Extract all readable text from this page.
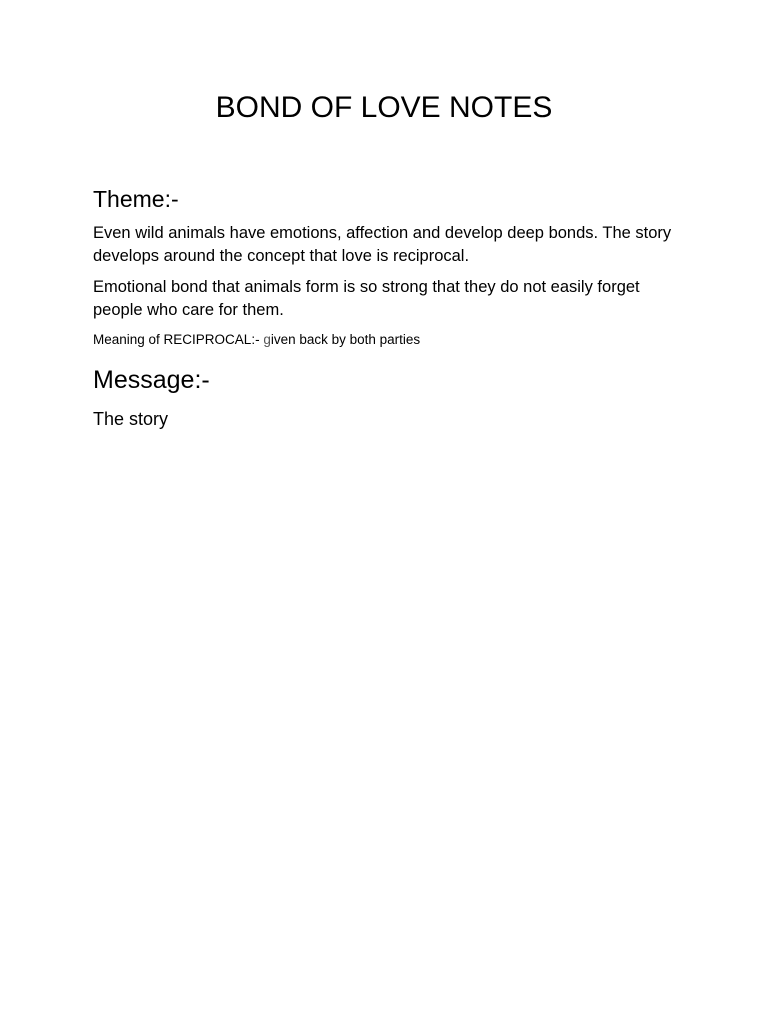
BOND OF LOVE NOTES
Theme:-

Even wild animals have emotions, affection and develop deep bonds. The story develops around the concept that love is reciprocal.

Emotional bond that animals form is so strong that they do not easily forget people who care for them.

Meaning of RECIPROCAL:- given back by both parties

Message:-

The story
